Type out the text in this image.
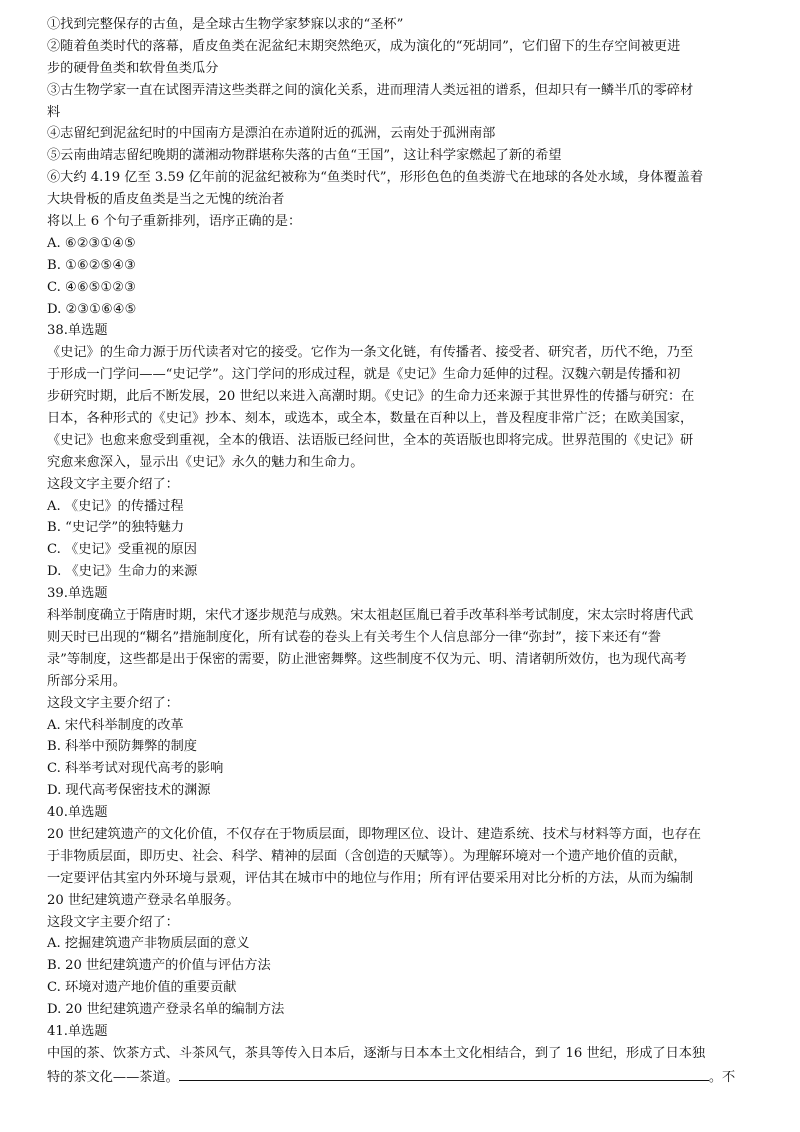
①找到完整保存的古鱼，是全球古生物学家梦寐以求的“圣杯”
②随着鱼类时代的落幕，盾皮鱼类在泥盆纪末期突然绝灭，成为演化的“死胡同”，它们留下的生存空间被更进
步的硬骨鱼类和软骨鱼类瓜分
③古生物学家一直在试图弄清这些类群之间的演化关系，进而理清人类远祖的谱系，但却只有一鳞半爪的零碎材
料
④志留纪到泥盆纪时的中国南方是漂泊在赤道附近的孤洲，云南处于孤洲南部
⑤云南曲靖志留纪晚期的潇湘动物群堪称失落的古鱼“王国”，这让科学家燃起了新的希望
⑥大约 4.19 亿至 3.59 亿年前的泥盆纪被称为“鱼类时代”，形形色色的鱼类游弋在地球的各处水域，身体覆盖着
大块骨板的盾皮鱼类是当之无愧的统治者
将以上 6 个句子重新排列，语序正确的是：
A. ⑥②③①④⑤
B. ①⑥②⑤④③
C. ④⑥⑤①②③
D. ②③①⑥④⑤
38.单选题
《史记》的生命力源于历代读者对它的接受。它作为一条文化链，有传播者、接受者、研究者，历代不绝，乃至
于形成一门学问——“史记学”。这门学问的形成过程，就是《史记》生命力延伸的过程。汉魏六朝是传播和初
步研究时期，此后不断发展，20 世纪以来进入高潮时期。《史记》的生命力还来源于其世界性的传播与研究：在
日本，各种形式的《史记》抄本、刻本，或选本，或全本，数量在百种以上，普及程度非常广泛；在欧美国家，
《史记》也愈来愈受到重视，全本的俄语、法语版已经问世，全本的英语版也即将完成。世界范围的《史记》研
究愈来愈深入，显示出《史记》永久的魅力和生命力。
这段文字主要介绍了：
A. 《史记》的传播过程
B. “史记学”的独特魅力
C. 《史记》受重视的原因
D. 《史记》生命力的来源
39.单选题
科举制度确立于隋唐时期，宋代才逐步规范与成熟。宋太祖赵匡胤已着手改革科举考试制度，宋太宗时将唐代武
则天时已出现的“糊名”措施制度化，所有试卷的卷头上有关考生个人信息部分一律“弥封”，接下来还有“誊
录”等制度，这些都是出于保密的需要，防止泄密舞弊。这些制度不仅为元、明、清诸朝所效仿，也为现代高考
所部分采用。
这段文字主要介绍了：
A. 宋代科举制度的改革
B. 科举中预防舞弊的制度
C. 科举考试对现代高考的影响
D. 现代高考保密技术的渊源
40.单选题
20 世纪建筑遗产的文化价值，不仅存在于物质层面，即物理区位、设计、建造系统、技术与材料等方面，也存在
于非物质层面，即历史、社会、科学、精神的层面（含创造的天赋等）。为理解环境对一个遗产地价值的贡献，
一定要评估其室内外环境与景观，评估其在城市中的地位与作用；所有评估要采用对比分析的方法，从而为编制
20 世纪建筑遗产登录名单服务。
这段文字主要介绍了：
A. 挖掘建筑遗产非物质层面的意义
B. 20 世纪建筑遗产的价值与评估方法
C. 环境对遗产地价值的重要贡献
D. 20 世纪建筑遗产登录名单的编制方法
41.单选题
中国的茶、饮茶方式、斗茶风气，茶具等传入日本后，逐渐与日本本土文化相结合，到了 16 世纪，形成了日本独
特的茶文化——茶道。	。不
